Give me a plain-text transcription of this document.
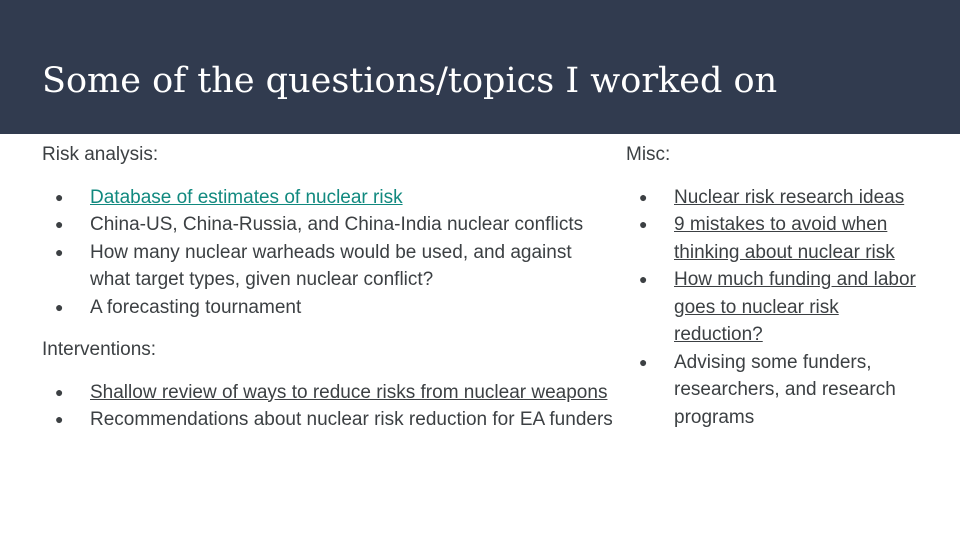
Some of the questions/topics I worked on

Risk analysis:

● Database of estimates of nuclear risk
● China-US, China-Russia, and China-India nuclear conflicts
● How many nuclear warheads would be used, and against what target types, given nuclear conflict?
● A forecasting tournament

Interventions:

● Shallow review of ways to reduce risks from nuclear weapons
● Recommendations about nuclear risk reduction for EA funders

Misc:

● Nuclear risk research ideas
● 9 mistakes to avoid when thinking about nuclear risk
● How much funding and labor goes to nuclear risk reduction?
● Advising some funders, researchers, and research programs
